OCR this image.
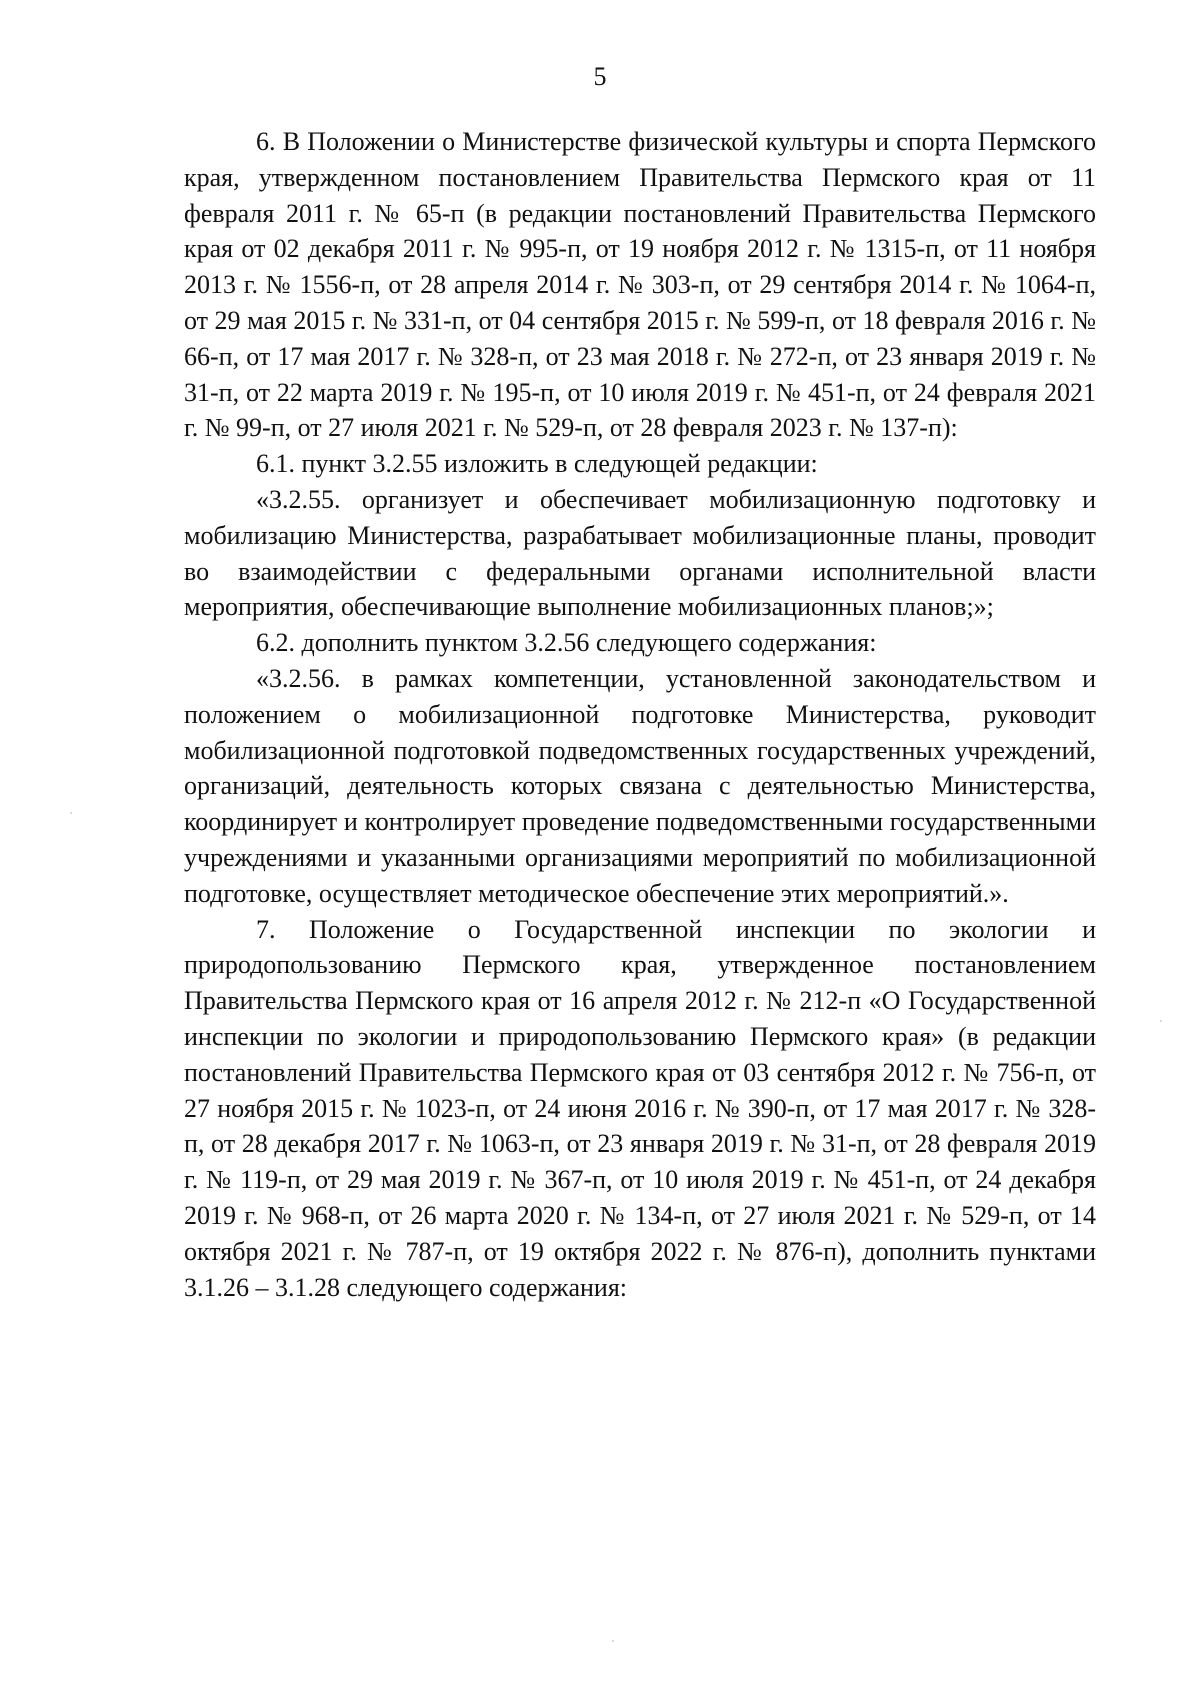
5

6. В Положении о Министерстве физической культуры и спорта Пермского края, утвержденном постановлением Правительства Пермского края от 11 февраля 2011 г. № 65-п (в редакции постановлений Правительства Пермского края от 02 декабря 2011 г. № 995-п, от 19 ноября 2012 г. № 1315-п, от 11 ноября 2013 г. № 1556-п, от 28 апреля 2014 г. № 303-п, от 29 сентября 2014 г. № 1064-п, от 29 мая 2015 г. № 331-п, от 04 сентября 2015 г. № 599-п, от 18 февраля 2016 г. № 66-п, от 17 мая 2017 г. № 328-п, от 23 мая 2018 г. № 272-п, от 23 января 2019 г. № 31-п, от 22 марта 2019 г. № 195-п, от 10 июля 2019 г. № 451-п, от 24 февраля 2021 г. № 99-п, от 27 июля 2021 г. № 529-п, от 28 февраля 2023 г. № 137-п):

6.1. пункт 3.2.55 изложить в следующей редакции:

«3.2.55. организует и обеспечивает мобилизационную подготовку и мобилизацию Министерства, разрабатывает мобилизационные планы, проводит во взаимодействии с федеральными органами исполнительной власти мероприятия, обеспечивающие выполнение мобилизационных планов;»;

6.2. дополнить пунктом 3.2.56 следующего содержания:

«3.2.56. в рамках компетенции, установленной законодательством и положением о мобилизационной подготовке Министерства, руководит мобилизационной подготовкой подведомственных государственных учреждений, организаций, деятельность которых связана с деятельностью Министерства, координирует и контролирует проведение подведомственными государственными учреждениями и указанными организациями мероприятий по мобилизационной подготовке, осуществляет методическое обеспечение этих мероприятий.».

7. Положение о Государственной инспекции по экологии и природопользованию Пермского края, утвержденное постановлением Правительства Пермского края от 16 апреля 2012 г. № 212-п «О Государственной инспекции по экологии и природопользованию Пермского края» (в редакции постановлений Правительства Пермского края от 03 сентября 2012 г. № 756-п, от 27 ноября 2015 г. № 1023-п, от 24 июня 2016 г. № 390-п, от 17 мая 2017 г. № 328-п, от 28 декабря 2017 г. № 1063-п, от 23 января 2019 г. № 31-п, от 28 февраля 2019 г. № 119-п, от 29 мая 2019 г. № 367-п, от 10 июля 2019 г. № 451-п, от 24 декабря 2019 г. № 968-п, от 26 марта 2020 г. № 134-п, от 27 июля 2021 г. № 529-п, от 14 октября 2021 г. № 787-п, от 19 октября 2022 г. № 876-п), дополнить пунктами 3.1.26 – 3.1.28 следующего содержания:
